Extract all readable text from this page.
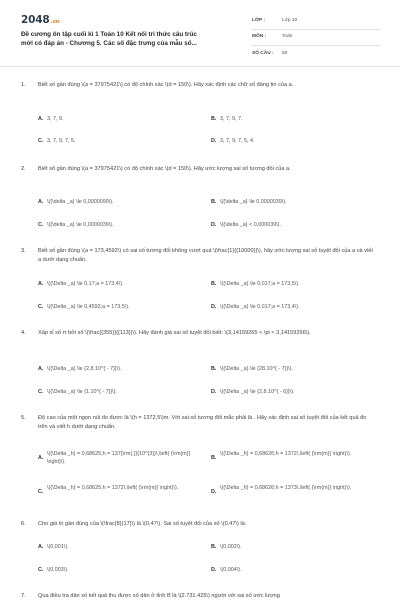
2048.vn
Đề cương ôn tập cuối kì 1 Toán 10 Kết nối tri thức câu trúc
mới có đáp án - Chương 5. Các số đặc trưng của mẫu số...
LỚP :	Lớp 10
MÔN :	Toán
SỐ CÂU :	50
1. Biết số gần đúng \(a = 37975421\) có độ chính xác \(d = 150\). Hãy xác định các chữ số đáng tin của a.
A. 3, 7, 9.	B. 3, 7, 9, 7.
C. 3, 7, 9, 7, 5.	D. 3, 7, 9, 7, 5, 4.
2. Biết số gần đúng \(a = 37975421\) có độ chính xác \(d = 150\). Hãy ước lượng sai số tương đối của a.
A. \({\delta _a} \le 0,0000099\).	B. \({\delta _a} \le 0,0000039\).
C. \({\delta _a} \le 0,0000039\).	D. \({\delta _a} < 0,000039\).
3. Biết số gần đúng \(a = 173,4592\) có sai số tương đối không vượt quá \(\frac{1}{{10000}}\), hãy ước lượng sai số tuyệt đối của a và viết a dưới dạng chuẩn.
A. \({\Delta _a} \le 0,17;a = 173,4\).	B. \({\Delta _a} \le 0,017;a = 173,5\).
C. \({\Delta _a} \le 0,4592;a = 173,5\).	D. \({\Delta _a} \le 0,017;a = 173,4\).
4. Xấp xỉ số π bởi số \(\frac{{355}}{{113}}\). Hãy đánh giá sai số tuyệt đối biết: \(3,14159265 < \pi < 3,14159266\).
A. \({\Delta _a} \le {2,8.10^{ - 7}}\).	B. \({\Delta _a} \le {28.10^{ - 7}}\).
C. \({\Delta _a} \le {1.10^{ - 7}}\).	D. \({\Delta _a} \le {2,8.10^{ - 6}}\).
5. Độ cao của một ngọn núi đo được là \(h = 1372,5\)m. Với sai số tương đối mắc phải là . Hãy xác định sai số tuyệt đối của kết quả đo trên và viết h dưới dạng chuẩn.
A.
\({\Delta _h} = 0,68625;h = 137{\rm{.}}{10^{3}}\,\left( {\rm{m}} \right)\).
B.
\({\Delta _h} = 0,68626;h = 1372\,\left( {\rm{m}} \right)\).
C.
\({\Delta _h} = 0,68625;h = 1372\,\left( {\rm{m}} \right)\).
D.
\({\Delta _h} = 0,68626;h = 1373\,\left( {\rm{m}} \right)\).
6. Cho giá trị gần đúng của \(\frac{8}{17}\) là \(0,47\). Sai số tuyệt đối của số \(0,47\) là:
A. \(0,001\).	B. \(0,002\).
C. \(0,003\).	D. \(0,004\).
7. Qua điều tra dân số kết quả thu được số dân ở tỉnh B là \(2.731.425\) người với sai số ước lượng
